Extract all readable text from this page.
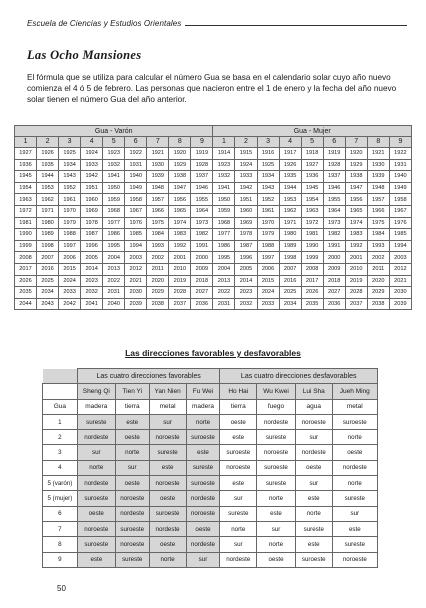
Escuela de Ciencias y Estudios Orientales
Las Ocho Mansiones
El fórmula que se utiliza para calcular el número Gua se basa en el calendario solar cuyo año nuevo comienza el 4 ó 5 de febrero. Las personas que nacieron entre el 1 de enero y la fecha del año nuevo solar tienen el número Gua del año anterior.
Gua - Varón									Gua - Mujer								
1	2	3	4	5	6	7	8	9	1	2	3	4	5	6	7	8	9
1927	1926	1925	1924	1923	1922	1921	1920	1919	1914	1915	1916	1917	1918	1919	1920	1921	1922
1936	1935	1934	1933	1932	1931	1930	1929	1928	1923	1924	1925	1926	1927	1928	1929	1930	1931
1945	1944	1943	1942	1941	1940	1939	1938	1937	1932	1933	1934	1935	1936	1937	1938	1939	1940
1954	1953	1952	1951	1950	1949	1948	1947	1946	1941	1942	1943	1944	1945	1946	1947	1948	1949
1963	1962	1961	1960	1959	1958	1957	1956	1955	1950	1951	1952	1953	1954	1955	1956	1957	1958
1972	1971	1970	1969	1968	1967	1966	1965	1964	1959	1960	1961	1962	1963	1964	1965	1966	1967
1981	1980	1979	1978	1977	1976	1975	1974	1973	1968	1969	1970	1971	1972	1973	1974	1975	1976
1990	1989	1988	1987	1986	1985	1984	1983	1982	1977	1978	1979	1980	1981	1982	1983	1984	1985
1999	1998	1997	1996	1995	1994	1993	1992	1991	1986	1987	1988	1989	1990	1991	1992	1993	1994
2008	2007	2006	2005	2004	2003	2002	2001	2000	1995	1996	1997	1998	1999	2000	2001	2002	2003
2017	2016	2015	2014	2013	2012	2011	2010	2009	2004	2005	2006	2007	2008	2009	2010	2011	2012
2026	2025	2024	2023	2022	2021	2020	2019	2018	2013	2014	2015	2016	2017	2018	2019	2020	2021
2035	2034	2033	2032	2031	2030	2029	2028	2027	2022	2023	2024	2025	2026	2027	2028	2029	2030
2044	2043	2042	2041	2040	2039	2038	2037	2036	2031	2032	2033	2034	2035	2036	2037	2038	2039
Las direcciones favorables y desfavorables
	Las cuatro direcciones favorables				Las cuatro direcciones desfavorables			
	Sheng Qi	Tien Yi	Yan Nien	Fu Wei	Ho Hai	Wu Kwei	Lui Sha	Jueh Ming
Gua	madera	tierra	metal	madera	tierra	fuego	agua	metal
1	sureste	este	sur	norte	oeste	nordeste	noroeste	suroeste
2	nordeste	oeste	noroeste	suroeste	este	sureste	sur	norte
3	sur	norte	sureste	este	suroeste	noroeste	nordeste	oeste
4	norte	sur	este	sureste	noroeste	suroeste	oeste	nordeste
5 (varón)	nordeste	oeste	noroeste	suroeste	este	sureste	sur	norte
5 (mujer)	suroeste	noroeste	oeste	nordeste	sur	norte	este	sureste
6	oeste	nordeste	suroeste	noroeste	sureste	este	norte	sur
7	noroeste	suroeste	nordeste	oeste	norte	sur	sureste	este
8	suroeste	noroeste	oeste	nordeste	sur	norte	este	sureste
9	este	sureste	norte	sur	nordeste	oeste	suroeste	noroeste
50
